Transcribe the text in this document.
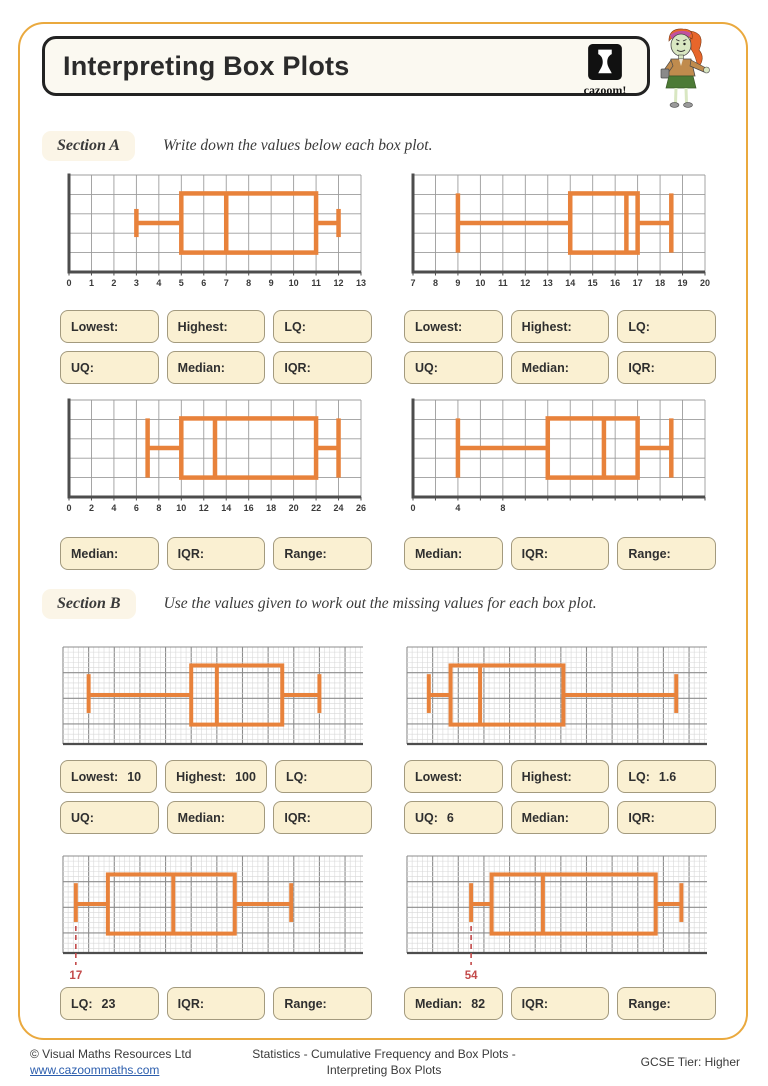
Interpreting Box Plots
cazoom!
Section A	Write down the values below each box plot.
0 1 2 3 4 5 6 7 8 9 10 11 12 13	7 8 9 10 11 12 13 14 15 16 17 18 19 20
Lowest:	Highest:	LQ:
UQ:	Median:	IQR:
Lowest:	Highest:	LQ:
UQ:	Median:	IQR:
0 2 4 6 8 10 12 14 16 18 20 22 24 26	0	4	8
Median:	IQR:	Range:	Median:	IQR:	Range:
Section B	Use the values given to work out the missing values for each box plot.
Lowest: 10	Highest: 100 LQ:
UQ:	Median:	IQR:
Lowest:	Highest:	LQ: 1.6
UQ: 6	Median:	IQR:
17	54
LQ: 23	IQR:	Range:	Median: 82	IQR:	Range:
© Visual Maths Resources Ltd
www.cazoommaths.com
Statistics - Cumulative Frequency and Box Plots -
Interpreting Box Plots
GCSE Tier: Higher
